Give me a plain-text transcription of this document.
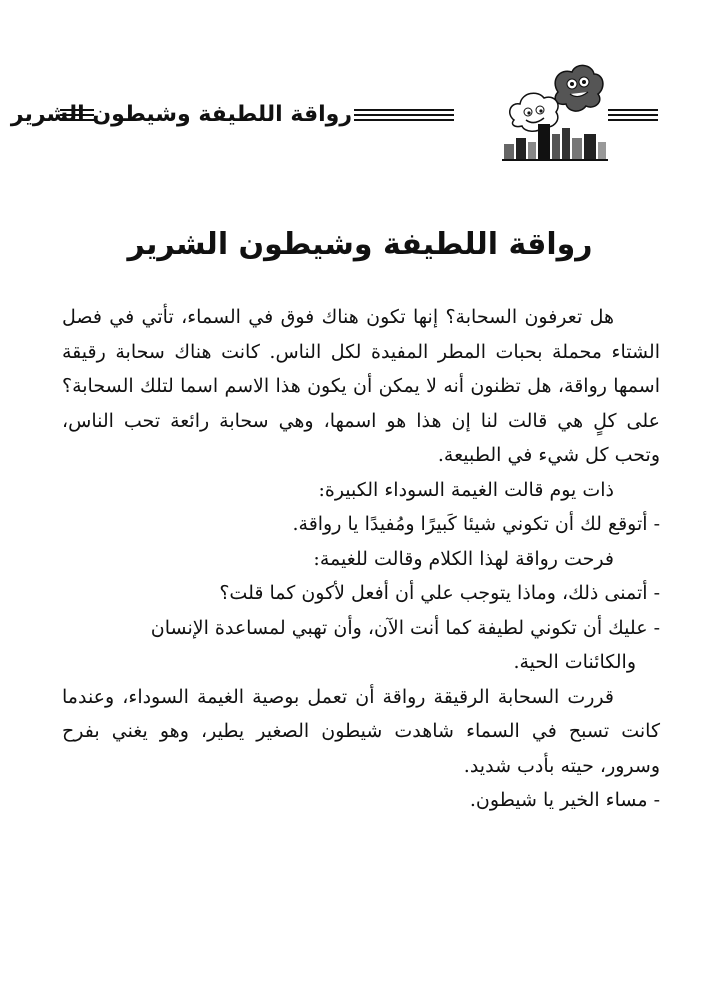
رواقة اللطيفة وشيطون الشرير
رواقة اللطيفة وشيطون الشرير
هل تعرفون السحابة؟ إنها تكون هناك فوق في السماء، تأتي في فصل الشتاء محملة بحبات المطر المفيدة لكل الناس. كانت هناك سحابة رقيقة اسمها رواقة، هل تظنون أنه لا يمكن أن يكون هذا الاسم اسما لتلك السحابة؟ على كلٍ هي قالت لنا إن هذا هو اسمها، وهي سحابة رائعة تحب الناس، وتحب كل شيء في الطبيعة.
ذات يوم قالت الغيمة السوداء الكبيرة:
- أتوقع لك أن تكوني شيئا كَبيرًا ومُفيدًا يا رواقة.
فرحت رواقة لهذا الكلام وقالت للغيمة:
- أتمنى ذلك، وماذا يتوجب علي أن أفعل لأكون كما قلت؟
- عليك أن تكوني لطيفة كما أنت الآن، وأن تهبي لمساعدة الإنسان
والكائنات الحية.
قررت السحابة الرقيقة رواقة أن تعمل بوصية الغيمة السوداء، وعندما كانت تسبح في السماء شاهدت شيطون الصغير يطير، وهو يغني بفرح وسرور، حيته بأدب شديد.
- مساء الخير يا شيطون.
